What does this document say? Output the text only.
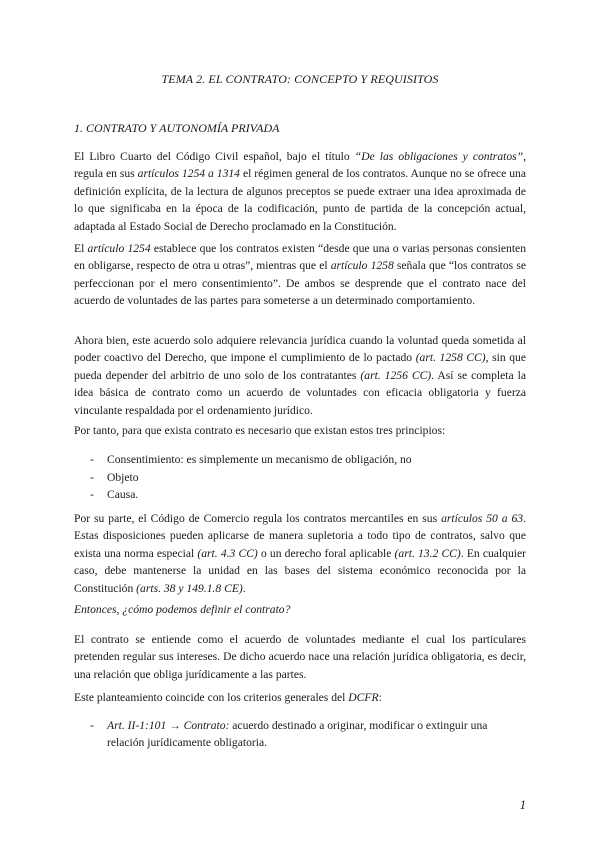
TEMA 2. EL CONTRATO: CONCEPTO Y REQUISITOS
1. CONTRATO Y AUTONOMÍA PRIVADA

El Libro Cuarto del Código Civil español, bajo el título “De las obligaciones y contratos”, regula en sus artículos 1254 a 1314 el régimen general de los contratos. Aunque no se ofrece una definición explícita, de la lectura de algunos preceptos se puede extraer una idea aproximada de lo que significaba en la época de la codificación, punto de partida de la concepción actual, adaptada al Estado Social de Derecho proclamado en la Constitución.

El artículo 1254 establece que los contratos existen “desde que una o varias personas consienten en obligarse, respecto de otra u otras”, mientras que el artículo 1258 señala que “los contratos se perfeccionan por el mero consentimiento”. De ambos se desprende que el contrato nace del acuerdo de voluntades de las partes para someterse a un determinado comportamiento.

Ahora bien, este acuerdo solo adquiere relevancia jurídica cuando la voluntad queda sometida al poder coactivo del Derecho, que impone el cumplimiento de lo pactado (art. 1258 CC), sin que pueda depender del arbitrio de uno solo de los contratantes (art. 1256 CC). Así se completa la idea básica de contrato como un acuerdo de voluntades con eficacia obligatoria y fuerza vinculante respaldada por el ordenamiento jurídico.

Por tanto, para que exista contrato es necesario que existan estos tres principios:

- Consentimiento: es simplemente un mecanismo de obligación, no
- Objeto
- Causa.

Por su parte, el Código de Comercio regula los contratos mercantiles en sus artículos 50 a 63. Estas disposiciones pueden aplicarse de manera supletoria a todo tipo de contratos, salvo que exista una norma especial (art. 4.3 CC) o un derecho foral aplicable (art. 13.2 CC). En cualquier caso, debe mantenerse la unidad en las bases del sistema económico reconocida por la Constitución (arts. 38 y 149.1.8 CE).

Entonces, ¿cómo podemos definir el contrato?

El contrato se entiende como el acuerdo de voluntades mediante el cual los particulares pretenden regular sus intereses. De dicho acuerdo nace una relación jurídica obligatoria, es decir, una relación que obliga jurídicamente a las partes.

Este planteamiento coincide con los criterios generales del DCFR:

- Art. II-1:101 → Contrato: acuerdo destinado a originar, modificar o extinguir una relación jurídicamente obligatoria.
1
